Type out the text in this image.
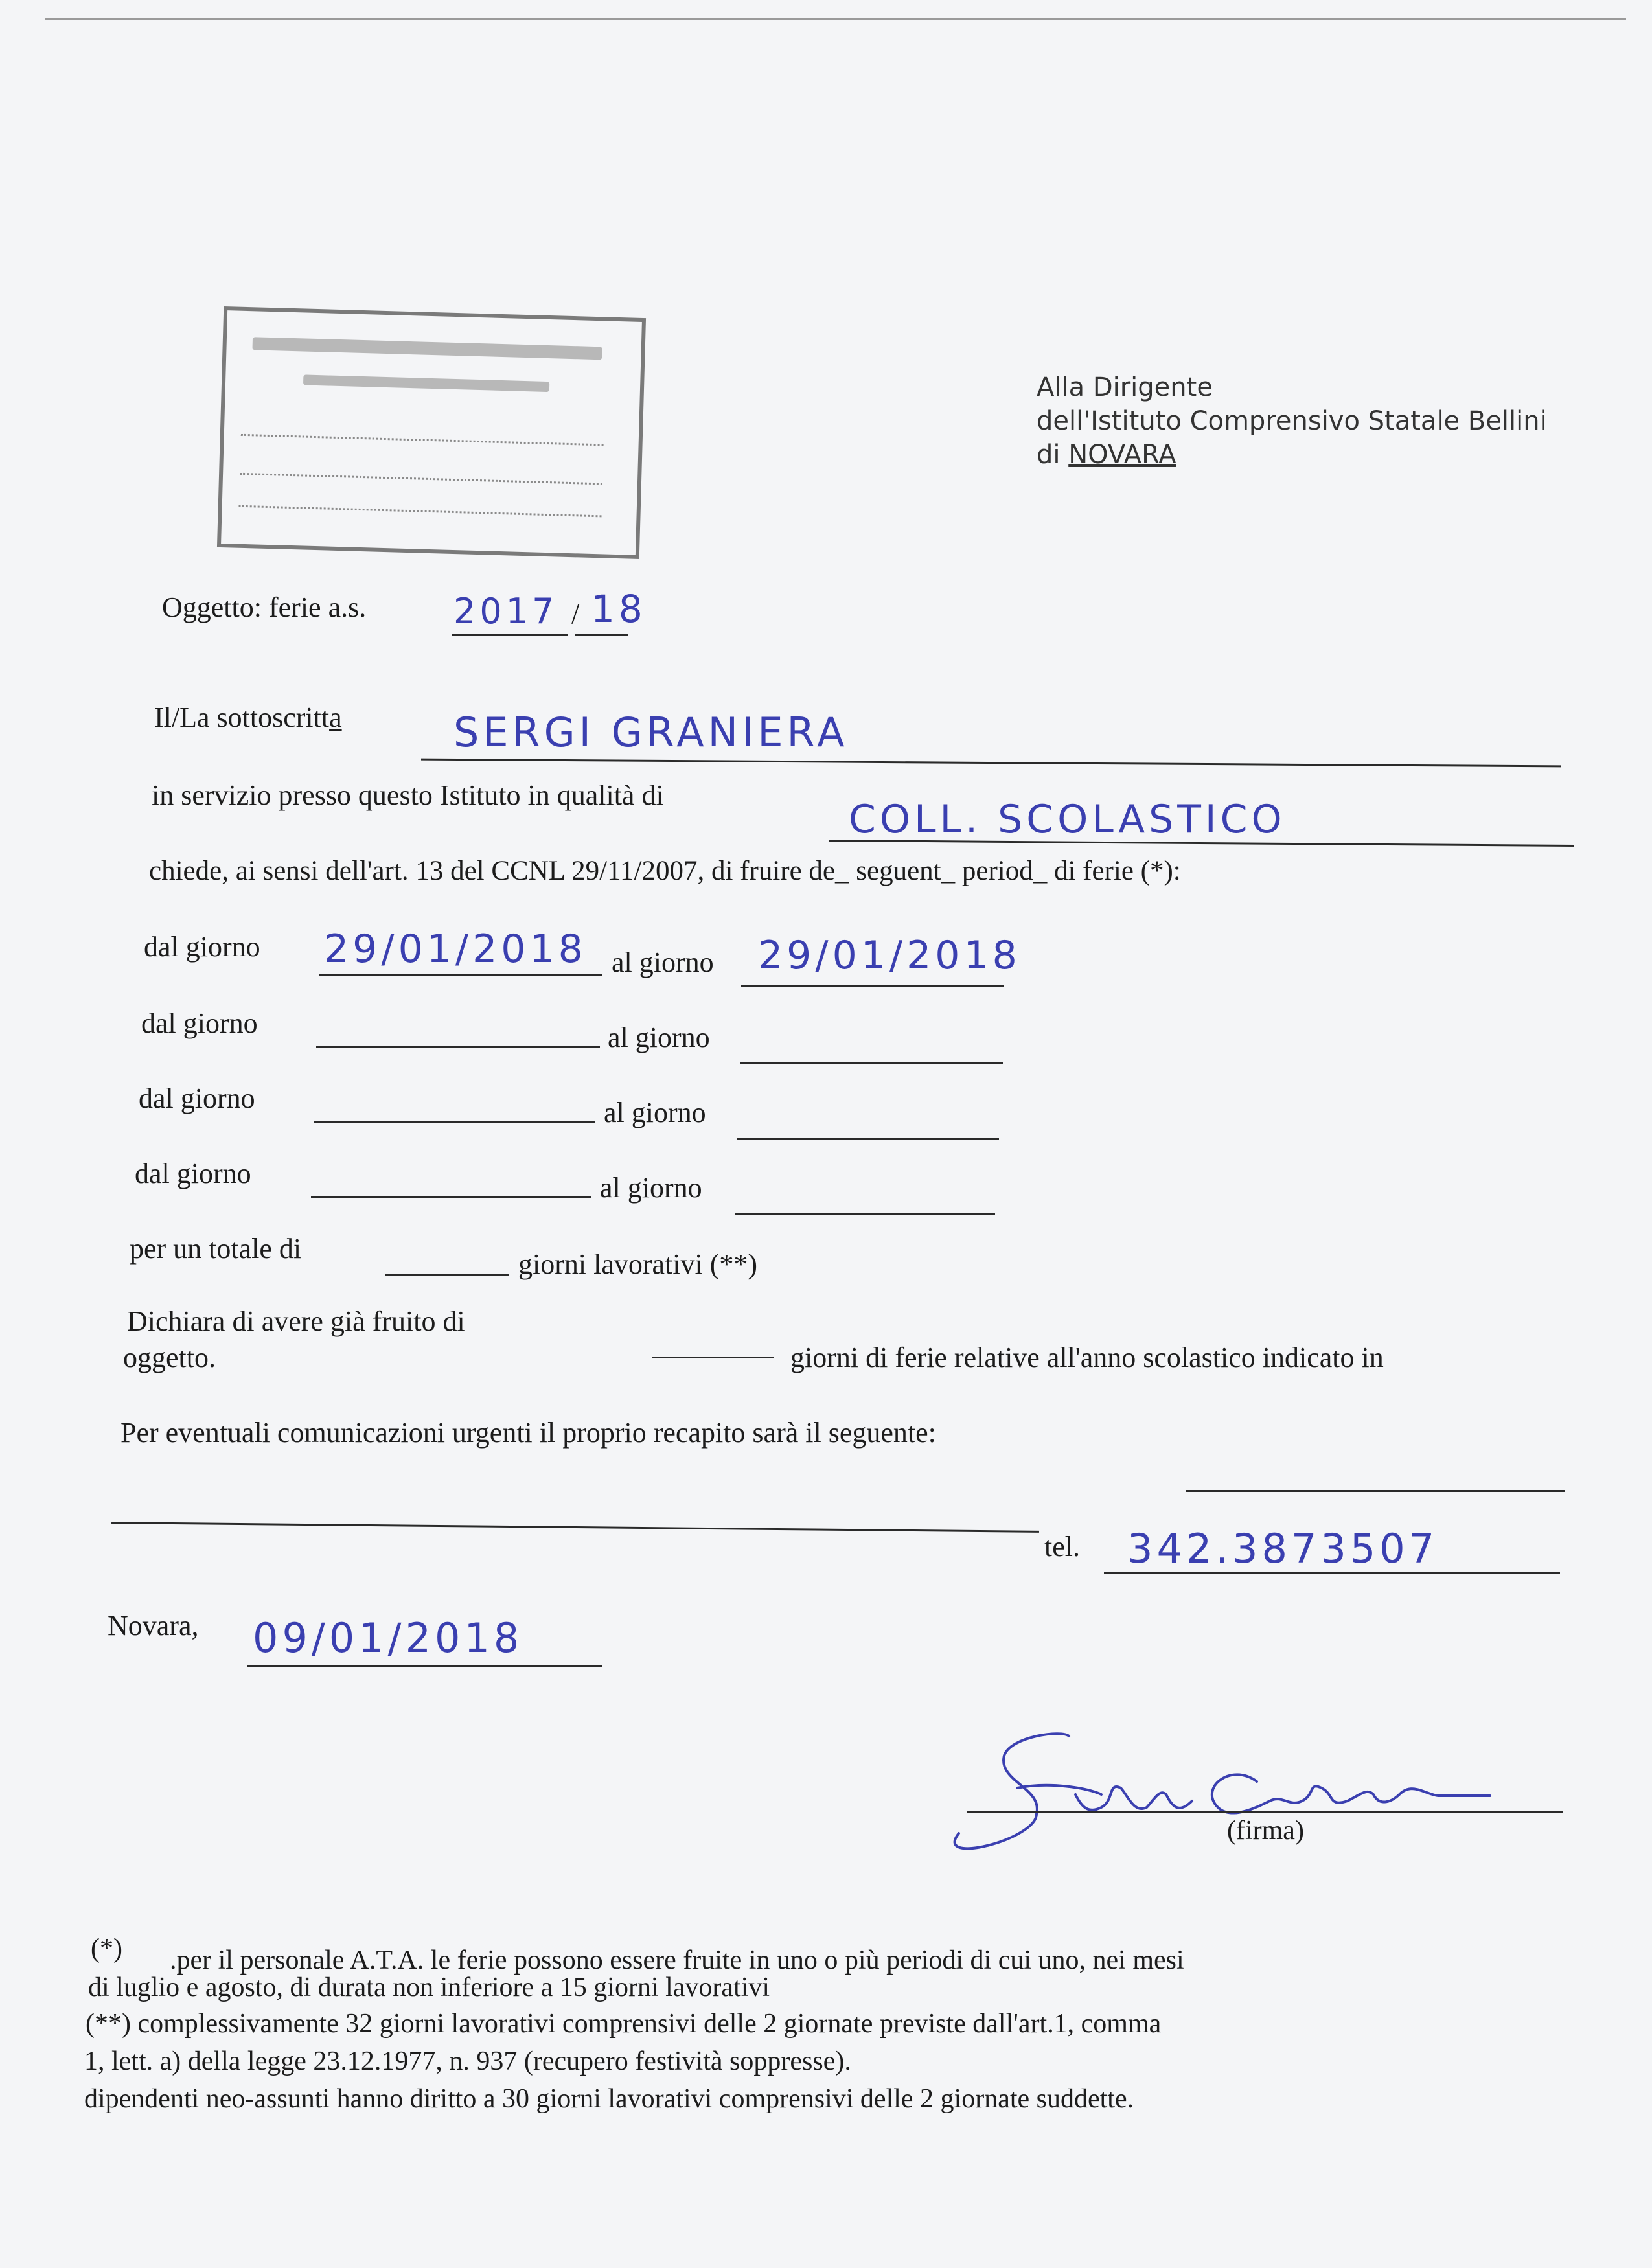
Alla Dirigente
dell'Istituto Comprensivo Statale Bellini
di NOVARA
Oggetto: ferie a.s. 2017 / 18
Il/La sottoscritta	SERGI GRANIERA
in servizio presso questo Istituto in qualità di
COLL. SCOLASTICO
chiede, ai sensi dell'art. 13 del CCNL 29/11/2007, di fruire de_ seguent_ period_ di ferie (*):
dal giorno 29/01/2018 al giorno 29/01/2018
dal giorno	al giorno
dal giorno	al giorno
dal giorno	al giorno
per un totale di	giorni lavorativi (**)
Dichiara di avere già fruito di
giorni di ferie relative all'anno scolastico indicato in
oggetto.
Per eventuali comunicazioni urgenti il proprio recapito sarà il seguente:
tel. 342.3873507
Novara, 09/01/2018
(firma)
(*) .per il personale A.T.A. le ferie possono essere fruite in uno o più periodi di cui uno, nei mesi
di luglio e agosto, di durata non inferiore a 15 giorni lavorativi
(**) complessivamente 32 giorni lavorativi comprensivi delle 2 giornate previste dall'art.1, comma
1, lett. a) della legge 23.12.1977, n. 937 (recupero festività soppresse).
dipendenti neo-assunti hanno diritto a 30 giorni lavorativi comprensivi delle 2 giornate suddette.
